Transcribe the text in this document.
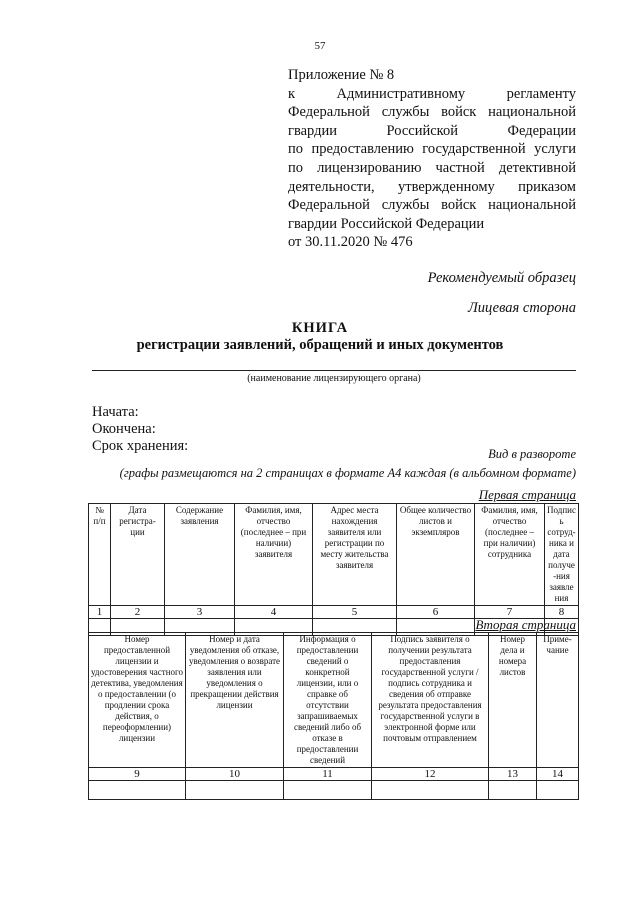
57
Приложение № 8
к	Административному	регламенту
Федеральной службы войск национальной
гвардии	Российской	Федерации
по предоставлению государственной услуги
по лицензированию частной детективной
деятельности, утвержденному приказом
Федеральной службы войск национальной
гвардии Российской Федерации
от 30.11.2020 № 476
Рекомендуемый образец
Лицевая сторона
КНИГА
регистрации заявлений, обращений и иных документов
(наименование лицензирующего органа)
Начата:
Окончена:
Срок хранения:	Вид в развороте
(графы размещаются на 2 страницах в формате А4 каждая (в альбомном формате)
Первая страница
№ п/п	Дата регистра-ции	Содержание заявления	Фамилия, имя, отчество (последнее – при наличии) заявителя	Адрес места нахождения заявителя или регистрации по месту жительства заявителя	Общее количество листов и экземпляров	Фамилия, имя, отчество (последнее – при наличии) сотрудника	Подпись сотруд-ника и дата получе-ния заявления
1	2	3	4	5	6	7	8

Вторая страница
Номер предоставленной лицензии и удостоверения частного детектива, уведомления о предоставлении (о продлении срока действия, о переоформлении) лицензии	Номер и дата уведомления об отказе, уведомления о возврате заявления или уведомления о прекращении действия лицензии	Информация о предоставлении сведений о конкретной лицензии, или о справке об отсутствии запрашиваемых сведений либо об отказе в предоставлении сведений	Подпись заявителя о получении результата предоставления государственной услуги / подпись сотрудника и сведения об отправке результата предоставления государственной услуги в электронной форме или почтовым отправлением	Номер дела и номера листов	Приме-чание
9	10	11	12	13	14
